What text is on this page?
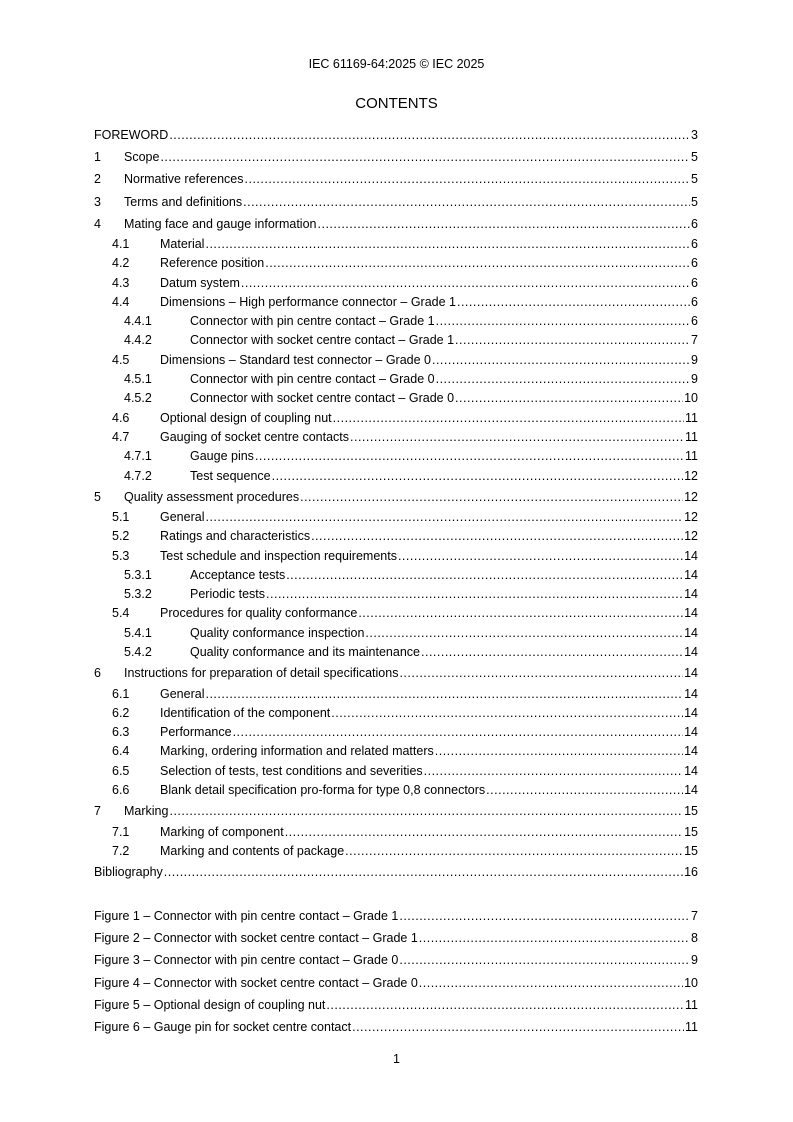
IEC 61169-64:2025 © IEC 2025
CONTENTS
FOREWORD .....	3
1	Scope .....	5
2	Normative references .....	5
3	Terms and definitions .....	5
4	Mating face and gauge information .....	6
4.1	Material .....	6
4.2	Reference position .....	6
4.3	Datum system .....	6
4.4	Dimensions – High performance connector – Grade 1 .....	6
4.4.1	Connector with pin centre contact – Grade 1 .....	6
4.4.2	Connector with socket centre contact – Grade 1 .....	7
4.5	Dimensions – Standard test connector – Grade 0 .....	9
4.5.1	Connector with pin centre contact – Grade 0 .....	9
4.5.2	Connector with socket centre contact – Grade 0 .....	10
4.6	Optional design of coupling nut .....	11
4.7	Gauging of socket centre contacts .....	11
4.7.1	Gauge pins .....	11
4.7.2	Test sequence .....	12
5	Quality assessment procedures .....	12
5.1	General .....	12
5.2	Ratings and characteristics .....	12
5.3	Test schedule and inspection requirements .....	14
5.3.1	Acceptance tests .....	14
5.3.2	Periodic tests .....	14
5.4	Procedures for quality conformance .....	14
5.4.1	Quality conformance inspection .....	14
5.4.2	Quality conformance and its maintenance .....	14
6	Instructions for preparation of detail specifications .....	14
6.1	General .....	14
6.2	Identification of the component .....	14
6.3	Performance .....	14
6.4	Marking, ordering information and related matters .....	14
6.5	Selection of tests, test conditions and severities .....	14
6.6	Blank detail specification pro-forma for type 0,8 connectors .....	14
7	Marking .....	15
7.1	Marking of component .....	15
7.2	Marking and contents of package .....	15
Bibliography .....	16
Figure 1 – Connector with pin centre contact – Grade 1 .....	7
Figure 2 – Connector with socket centre contact – Grade 1 .....	8
Figure 3 – Connector with pin centre contact – Grade 0 .....	9
Figure 4 – Connector with socket centre contact – Grade 0 .....	10
Figure 5 – Optional design of coupling nut .....	11
Figure 6 – Gauge pin for socket centre contact .....	11
1
